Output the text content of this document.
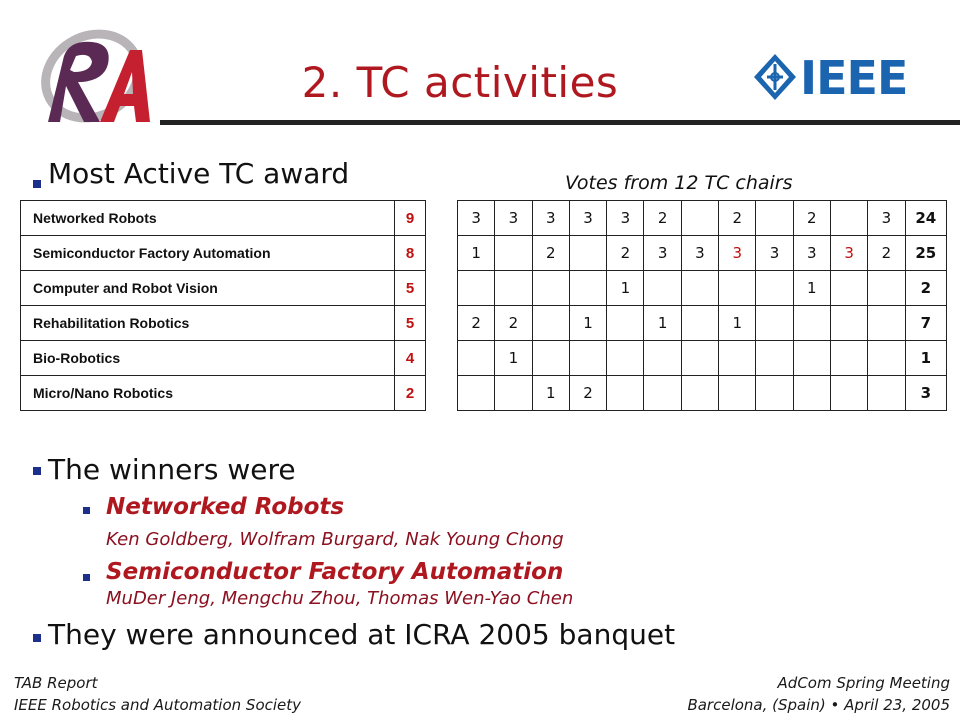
2. TC activities	IEEE
Most Active TC award	Votes from 12 TC chairs
Networked Robots	9
Semiconductor Factory Automation	8
Computer and Robot Vision	5
Rehabilitation Robotics	5
Bio-Robotics	4
Micro/Nano Robotics	2
3	3	3	3	3	2		2		2		3	24
1		2		2	3	3	3	3	3	3	2	25
				1					1			2
2	2		1		1		1					7
	1											1
		1	2									3
The winners were
Networked Robots
Ken Goldberg, Wolfram Burgard, Nak Young Chong
Semiconductor Factory Automation
MuDer Jeng, Mengchu Zhou, Thomas Wen-Yao Chen
They were announced at ICRA 2005 banquet
TAB Report
IEEE Robotics and Automation Society
AdCom Spring Meeting
Barcelona, (Spain) • April 23, 2005
